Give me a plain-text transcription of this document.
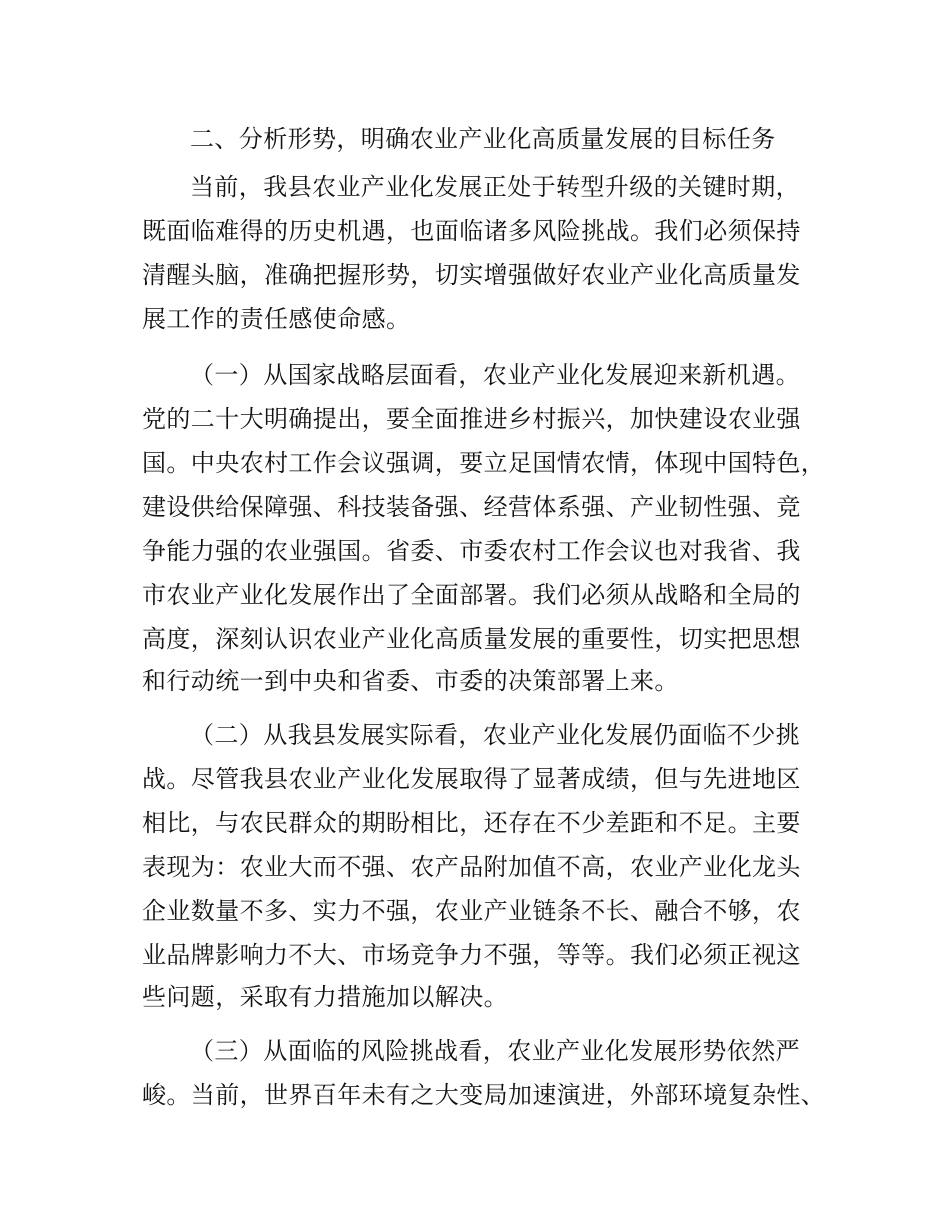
二、分析形势，明确农业产业化高质量发展的目标任务
当前，我县农业产业化发展正处于转型升级的关键时期，
既面临难得的历史机遇，也面临诸多风险挑战。我们必须保持
清醒头脑，准确把握形势，切实增强做好农业产业化高质量发
展工作的责任感使命感。
（一）从国家战略层面看，农业产业化发展迎来新机遇。
党的二十大明确提出，要全面推进乡村振兴，加快建设农业强
国。中央农村工作会议强调，要立足国情农情，体现中国特色，
建设供给保障强、科技装备强、经营体系强、产业韧性强、竞
争能力强的农业强国。省委、市委农村工作会议也对我省、我
市农业产业化发展作出了全面部署。我们必须从战略和全局的
高度，深刻认识农业产业化高质量发展的重要性，切实把思想
和行动统一到中央和省委、市委的决策部署上来。
（二）从我县发展实际看，农业产业化发展仍面临不少挑
战。尽管我县农业产业化发展取得了显著成绩，但与先进地区
相比，与农民群众的期盼相比，还存在不少差距和不足。主要
表现为：农业大而不强、农产品附加值不高，农业产业化龙头
企业数量不多、实力不强，农业产业链条不长、融合不够，农
业品牌影响力不大、市场竞争力不强，等等。我们必须正视这
些问题，采取有力措施加以解决。
（三）从面临的风险挑战看，农业产业化发展形势依然严
峻。当前，世界百年未有之大变局加速演进，外部环境复杂性、
